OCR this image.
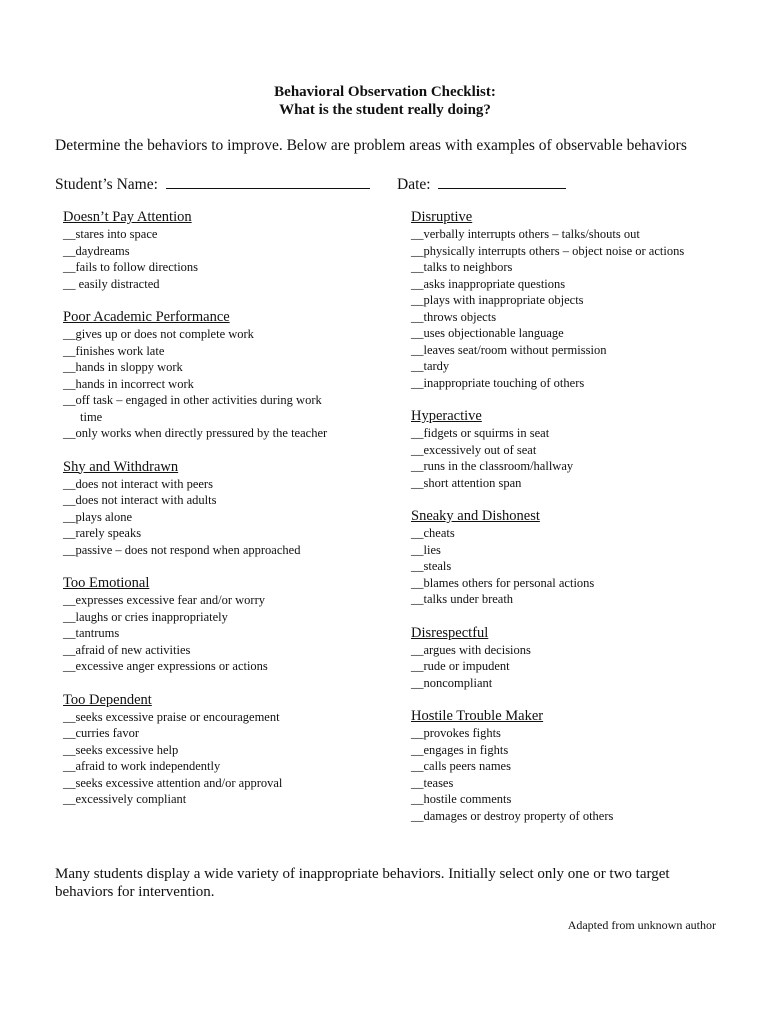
Behavioral Observation Checklist:
What is the student really doing?
Determine the behaviors to improve. Below are problem areas with examples of observable behaviors
Student’s Name:	Date:
Doesn’t Pay Attention
__stares into space
__daydreams
__fails to follow directions
__ easily distracted
Poor Academic Performance
__gives up or does not complete work
__finishes work late
__hands in sloppy work
__hands in incorrect work
__off task – engaged in other activities during work
time
__only works when directly pressured by the teacher
Shy and Withdrawn
__does not interact with peers
__does not interact with adults
__plays alone
__rarely speaks
__passive – does not respond when approached
Too Emotional
__expresses excessive fear and/or worry
__laughs or cries inappropriately
__tantrums
__afraid of new activities
__excessive anger expressions or actions
Too Dependent
__seeks excessive praise or encouragement
__curries favor
__seeks excessive help
__afraid to work independently
__seeks excessive attention and/or approval
__excessively compliant
Disruptive
__verbally interrupts others – talks/shouts out
__physically interrupts others – object noise or actions
__talks to neighbors
__asks inappropriate questions
__plays with inappropriate objects
__throws objects
__uses objectionable language
__leaves seat/room without permission
__tardy
__inappropriate touching of others
Hyperactive
__fidgets or squirms in seat
__excessively out of seat
__runs in the classroom/hallway
__short attention span
Sneaky and Dishonest
__cheats
__lies
__steals
__blames others for personal actions
__talks under breath
Disrespectful
__argues with decisions
__rude or impudent
__noncompliant
Hostile Trouble Maker
__provokes fights
__engages in fights
__calls peers names
__teases
__hostile comments
__damages or destroy property of others
Many students display a wide variety of inappropriate behaviors. Initially select only one or two target behaviors for intervention.
Adapted from unknown author
